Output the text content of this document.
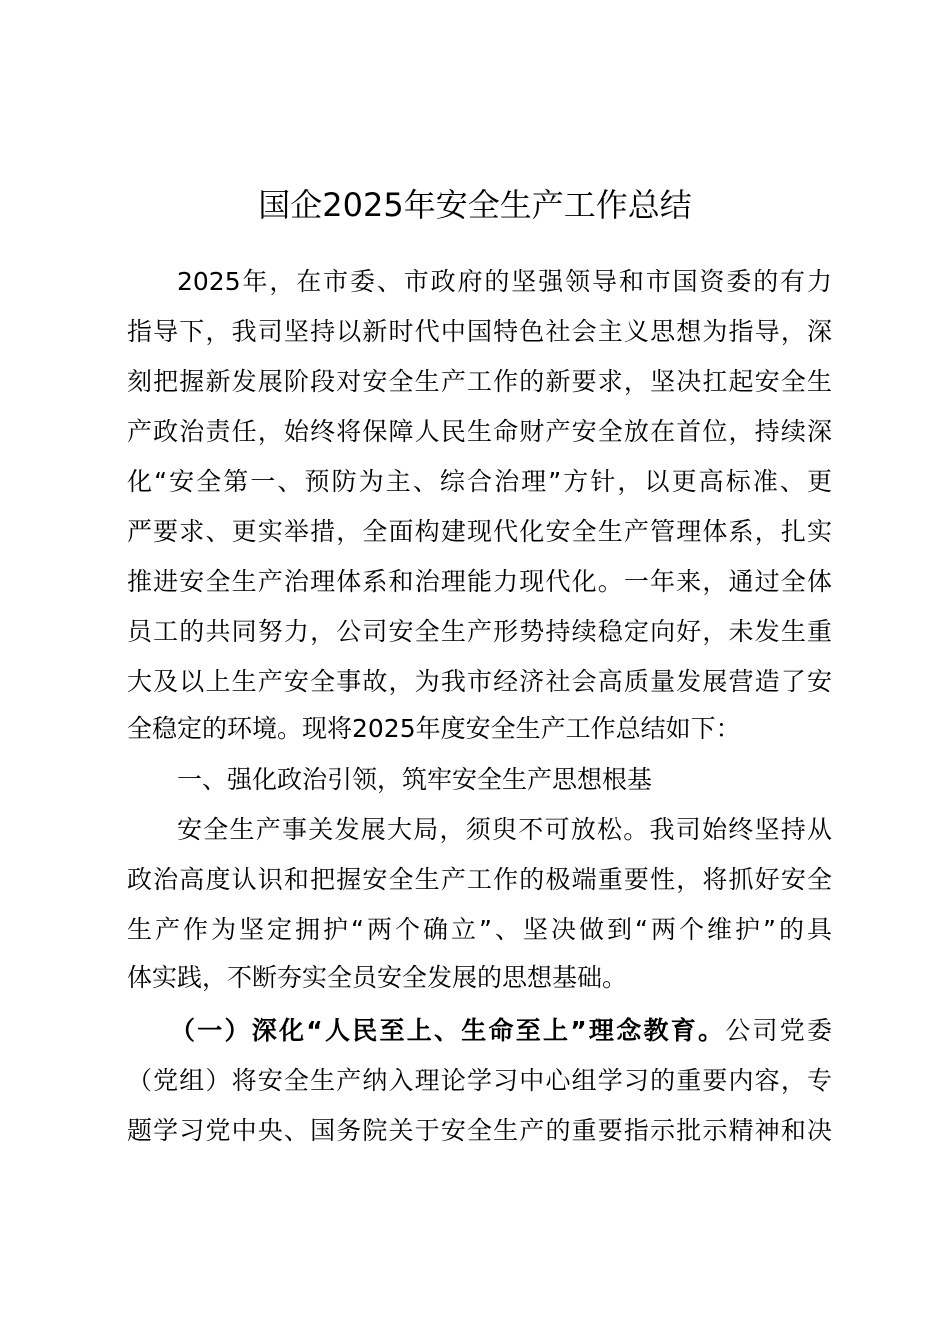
国企2025年安全生产工作总结
2025年，在市委、市政府的坚强领导和市国资委的有力
指导下，我司坚持以新时代中国特色社会主义思想为指导，深
刻把握新发展阶段对安全生产工作的新要求，坚决扛起安全生
产政治责任，始终将保障人民生命财产安全放在首位，持续深
化“安全第一、预防为主、综合治理”方针，以更高标准、更
严要求、更实举措，全面构建现代化安全生产管理体系，扎实
推进安全生产治理体系和治理能力现代化。一年来，通过全体
员工的共同努力，公司安全生产形势持续稳定向好，未发生重
大及以上生产安全事故，为我市经济社会高质量发展营造了安
全稳定的环境。现将2025年度安全生产工作总结如下：
一、强化政治引领，筑牢安全生产思想根基
安全生产事关发展大局，须臾不可放松。我司始终坚持从
政治高度认识和把握安全生产工作的极端重要性，将抓好安全
生产作为坚定拥护“两个确立”、坚决做到“两个维护”的具
体实践，不断夯实全员安全发展的思想基础。
（一）深化“人民至上、生命至上”理念教育。公司党委
（党组）将安全生产纳入理论学习中心组学习的重要内容，专
题学习党中央、国务院关于安全生产的重要指示批示精神和决
